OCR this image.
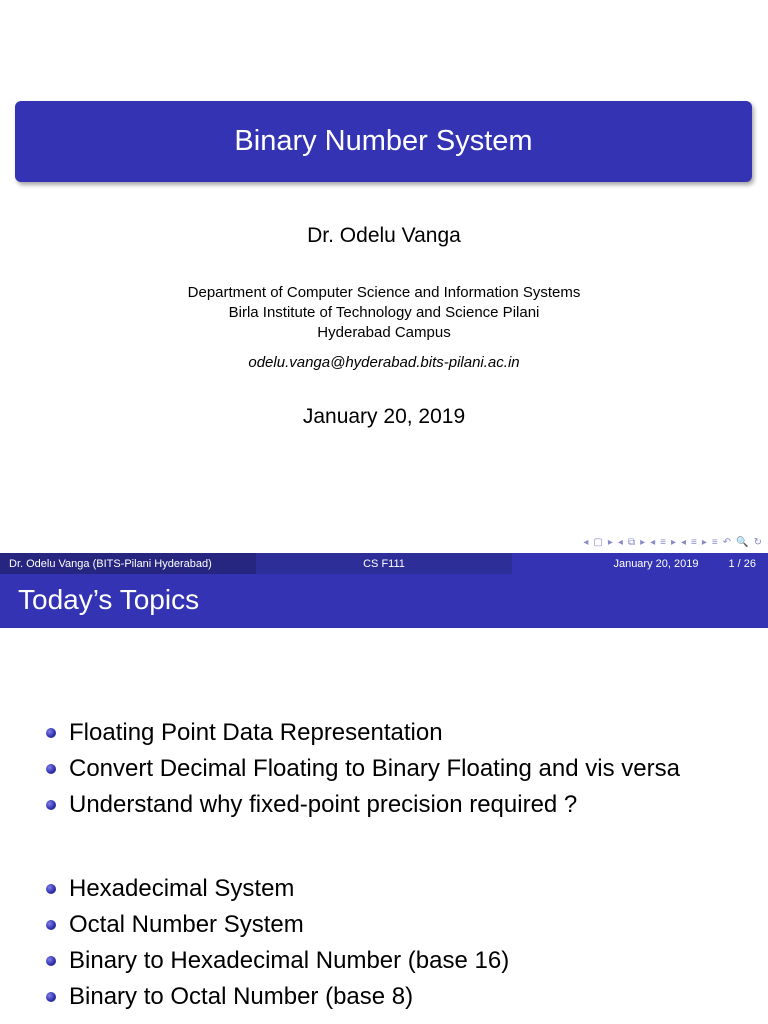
Binary Number System
Dr. Odelu Vanga
Department of Computer Science and Information Systems
Birla Institute of Technology and Science Pilani
Hyderabad Campus
odelu.vanga@hyderabad.bits-pilani.ac.in
January 20, 2019
◂ ▢ ▸ ◂ ⧉ ▸ ◂ ≡ ▸ ◂ ≡ ▸ ≡ ↶ 🔍 ↻
Dr. Odelu Vanga (BITS-Pilani Hyderabad)	CS F111	January 20, 2019	1 / 26
Today’s Topics
Floating Point Data Representation
Convert Decimal Floating to Binary Floating and vis versa
Understand why fixed-point precision required ?
Hexadecimal System
Octal Number System
Binary to Hexadecimal Number (base 16)
Binary to Octal Number (base 8)
